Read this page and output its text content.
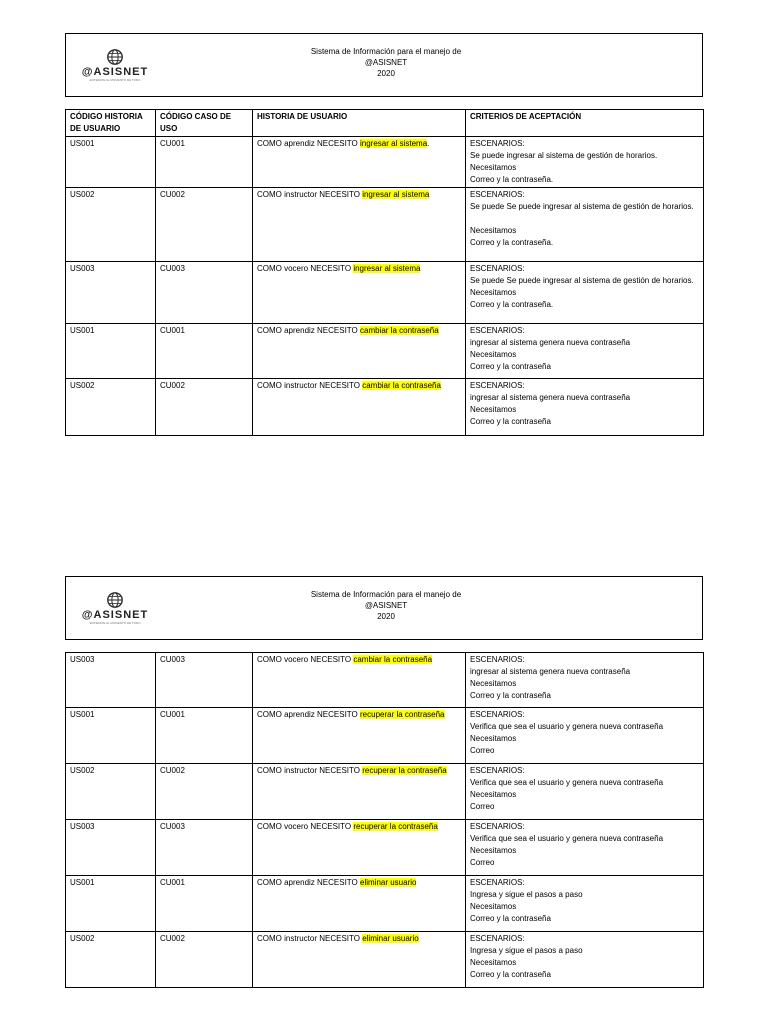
@ASISNET
ENTERATE AL MOMENTO DE TODO
Sistema de Información para el manejo de
@ASISNET
2020
CÓDIGO HISTORIA DE USUARIO	CÓDIGO CASO DE USO	HISTORIA DE USUARIO	CRITERIOS DE ACEPTACIÓN
US001	CU001	COMO aprendiz NECESITO ingresar al sistema.	ESCENARIOS:
Se puede ingresar al sistema de gestión de horarios.
Necesitamos
Correo y la contraseña.
US002	CU002	COMO instructor NECESITO ingresar al sistema	ESCENARIOS:
Se puede Se puede ingresar al sistema de gestión de horarios.

Necesitamos
Correo y la contraseña.
US003	CU003	COMO vocero NECESITO ingresar al sistema	ESCENARIOS:
Se puede Se puede ingresar al sistema de gestión de horarios.
Necesitamos
Correo y la contraseña.
US001	CU001	COMO aprendiz NECESITO cambiar la contraseña	ESCENARIOS:
ingresar al sistema genera nueva contraseña
Necesitamos
Correo y la contraseña
US002	CU002	COMO instructor NECESITO cambiar la contraseña	ESCENARIOS:
ingresar al sistema genera nueva contraseña
Necesitamos
Correo y la contraseña
@ASISNET
ENTERATE AL MOMENTO DE TODO
Sistema de Información para el manejo de
@ASISNET
2020
US003	CU003	COMO vocero NECESITO cambiar la contraseña	ESCENARIOS:
ingresar al sistema genera nueva contraseña
Necesitamos
Correo y la contraseña
US001	CU001	COMO aprendiz NECESITO recuperar la contraseña	ESCENARIOS:
Verifica que sea el usuario y genera nueva contraseña
Necesitamos
Correo
US002	CU002	COMO instructor NECESITO recuperar la contraseña	ESCENARIOS:
Verifica que sea el usuario y genera nueva contraseña
Necesitamos
Correo
US003	CU003	COMO vocero NECESITO recuperar la contraseña	ESCENARIOS:
Verifica que sea el usuario y genera nueva contraseña
Necesitamos
Correo
US001	CU001	COMO aprendiz NECESITO eliminar usuario	ESCENARIOS:
Ingresa y sigue el pasos a paso
Necesitamos
Correo y la contraseña
US002	CU002	COMO instructor NECESITO eliminar usuario	ESCENARIOS:
Ingresa y sigue el pasos a paso
Necesitamos
Correo y la contraseña
